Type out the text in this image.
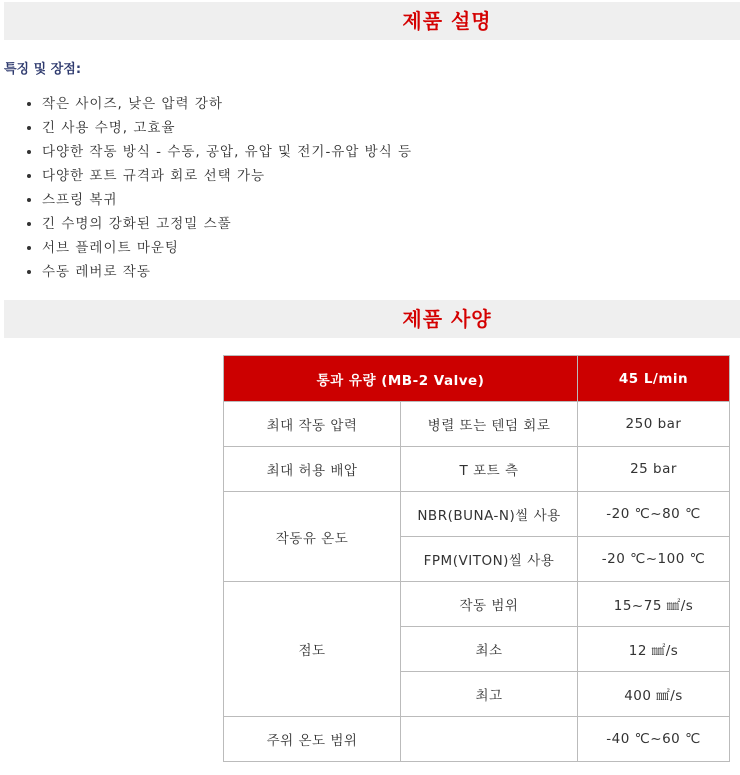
제품 설명
특징 및 장점:
• 작은 사이즈, 낮은 압력 강하
• 긴 사용 수명, 고효율
• 다양한 작동 방식 - 수동, 공압, 유압 및 전기-유압 방식 등
• 다양한 포트 규격과 회로 선택 가능
• 스프링 복귀
• 긴 수명의 강화된 고정밀 스풀
• 서브 플레이트 마운팅
• 수동 레버로 작동
제품 사양
통과 유량 (MB-2 Valve)		45 L/min
최대 작동 압력	병렬 또는 텐덤 회로	250 bar
최대 허용 배압	T 포트 측	25 bar
작동유 온도	NBR(BUNA-N)씰 사용	-20 ℃~80 ℃
	FPM(VITON)씰 사용	-20 ℃~100 ℃
점도	작동 범위	15~75 ㎟/s
	최소	12 ㎟/s
	최고	400 ㎟/s
주위 온도 범위		-40 ℃~60 ℃
